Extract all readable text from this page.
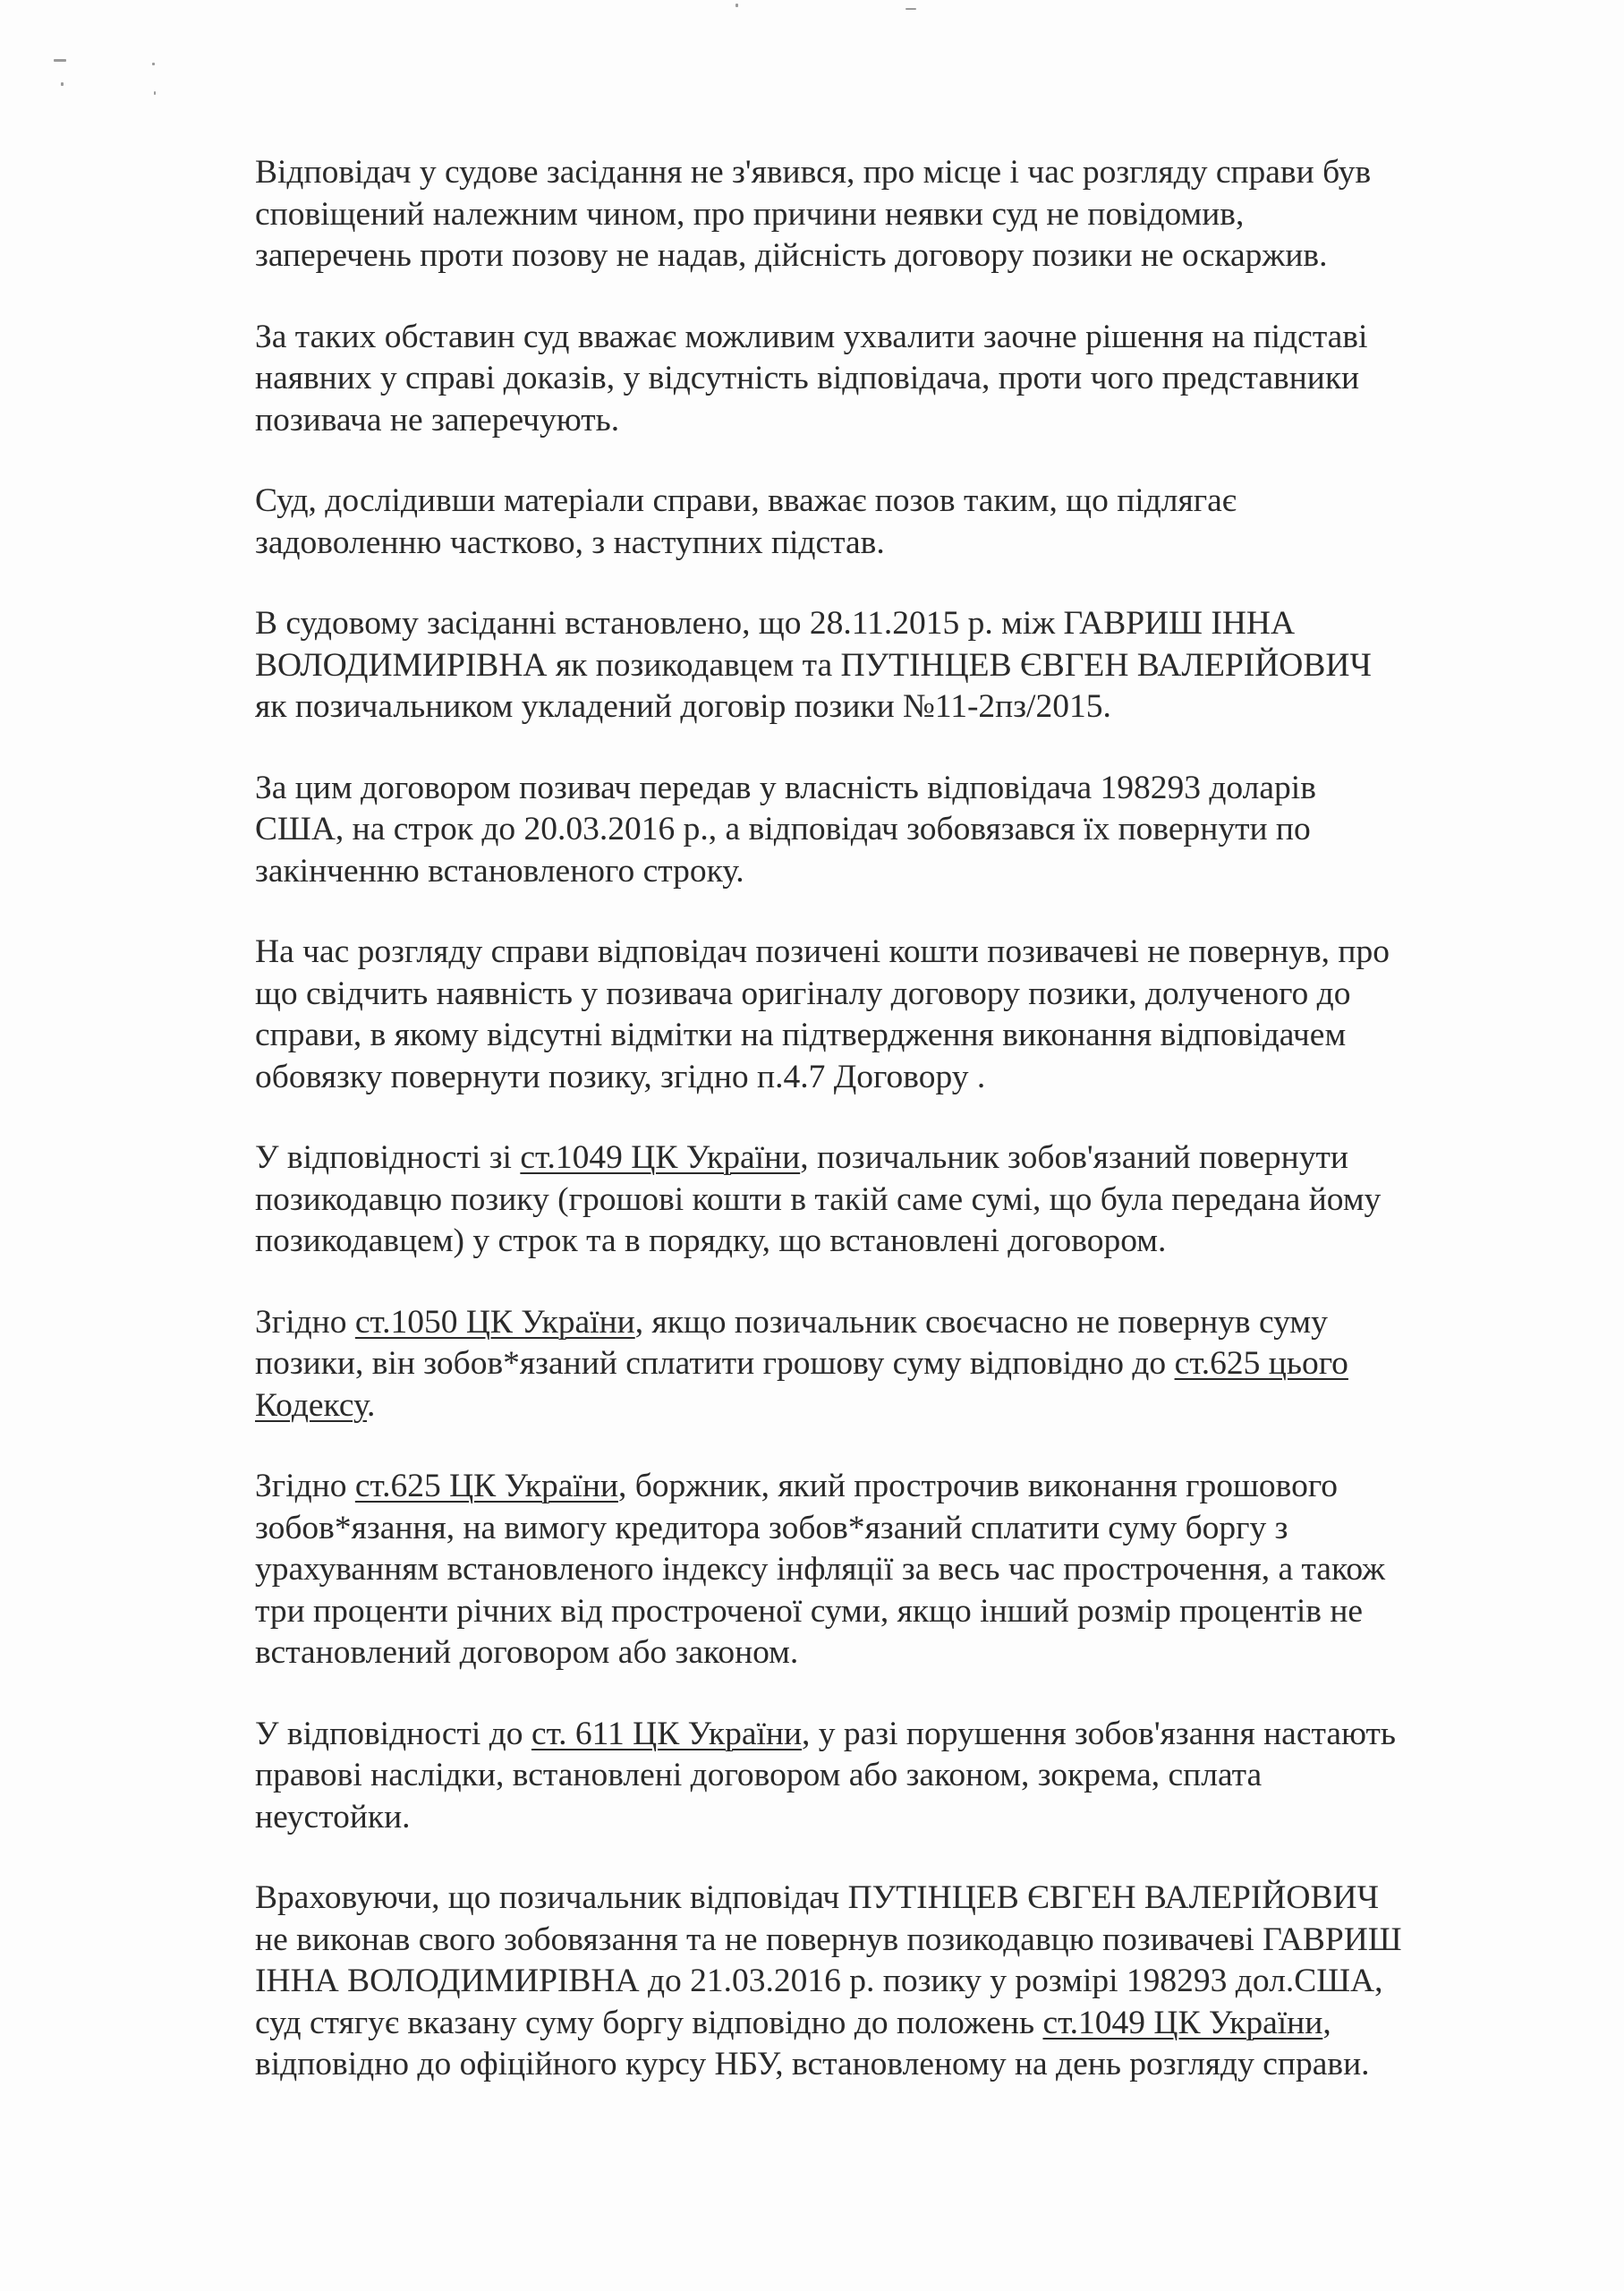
Відповідач у судове засідання не з'явився, про місце і час розгляду справи був
сповіщений належним чином, про причини неявки суд не повідомив,
заперечень проти позову не надав, дійсність договору позики не оскаржив.

За таких обставин суд вважає можливим ухвалити заочне рішення на підставі
наявних у справі доказів, у відсутність відповідача, проти чого представники
позивача не заперечують.

Суд, дослідивши матеріали справи, вважає позов таким, що підлягає
задоволенню частково, з наступних підстав.

В судовому засіданні встановлено, що 28.11.2015 р. між ГАВРИШ ІННА
ВОЛОДИМИРІВНА як позикодавцем та ПУТІНЦЕВ ЄВГЕН ВАЛЕРІЙОВИЧ
як позичальником укладений договір позики №11-2пз/2015.

За цим договором позивач передав у власність відповідача 198293 доларів
США, на строк до 20.03.2016 р., а відповідач зобовязався їх повернути по
закінченню встановленого строку.

На час розгляду справи відповідач позичені кошти позивачеві не повернув, про
що свідчить наявність у позивача оригіналу договору позики, долученого до
справи, в якому відсутні відмітки на підтвердження виконання відповідачем
обовязку повернути позику, згідно п.4.7 Договору .

У відповідності зі ст.1049 ЦК України, позичальник зобов'язаний повернути
позикодавцю позику (грошові кошти в такій саме сумі, що була передана йому
позикодавцем) у строк та в порядку, що встановлені договором.

Згідно ст.1050 ЦК України, якщо позичальник своєчасно не повернув суму
позики, він зобов*язаний сплатити грошову суму відповідно до ст.625 цього
Кодексу.

Згідно ст.625 ЦК України, боржник, який прострочив виконання грошового
зобов*язання, на вимогу кредитора зобов*язаний сплатити суму боргу з
урахуванням встановленого індексу інфляції за весь час прострочення, а також
три проценти річних від простроченої суми, якщо інший розмір процентів не
встановлений договором або законом.

У відповідності до ст. 611 ЦК України, у разі порушення зобов'язання настають
правові наслідки, встановлені договором або законом, зокрема, сплата
неустойки.

Враховуючи, що позичальник відповідач ПУТІНЦЕВ ЄВГЕН ВАЛЕРІЙОВИЧ
не виконав свого зобовязання та не повернув позикодавцю позивачеві ГАВРИШ
ІННА ВОЛОДИМИРІВНА до 21.03.2016 р. позику у розмірі 198293 дол.США,
суд стягує вказану суму боргу відповідно до положень ст.1049 ЦК України,
відповідно до офіційного курсу НБУ, встановленому на день розгляду справи.
